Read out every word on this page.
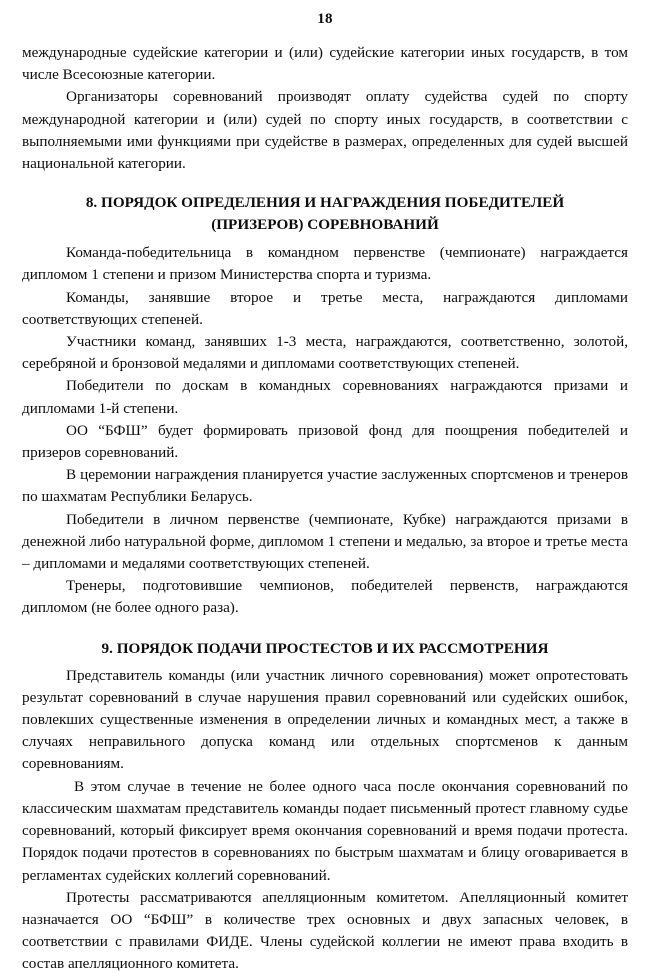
18

международные судейские категории и (или) судейские категории иных государств, в том числе Всесоюзные категории.

Организаторы соревнований производят оплату судейства судей по спорту международной категории и (или) судей по спорту иных государств, в соответствии с выполняемыми ими функциями при судействе в размерах, определенных для судей высшей национальной категории.

8. ПОРЯДОК ОПРЕДЕЛЕНИЯ И НАГРАЖДЕНИЯ ПОБЕДИТЕЛЕЙ
(ПРИЗЕРОВ) СОРЕВНОВАНИЙ

Команда-победительница в командном первенстве (чемпионате) награждается дипломом 1 степени и призом Министерства спорта и туризма.

Команды, занявшие второе и третье места, награждаются дипломами соответствующих степеней.

Участники команд, занявших 1-3 места, награждаются, соответственно, золотой, серебряной и бронзовой медалями и дипломами соответствующих степеней.

Победители по доскам в командных соревнованиях награждаются призами и дипломами 1-й степени.

ОО “БФШ” будет формировать призовой фонд для поощрения победителей и призеров соревнований.

В церемонии награждения планируется участие заслуженных спортсменов и тренеров по шахматам Республики Беларусь.

Победители в личном первенстве (чемпионате, Кубке) награждаются призами в денежной либо натуральной форме, дипломом 1 степени и медалью, за второе и третье места – дипломами и медалями соответствующих степеней.

Тренеры, подготовившие чемпионов, победителей первенств, награждаются дипломом (не более одного раза).

9. ПОРЯДОК ПОДАЧИ ПРОСТЕСТОВ И ИХ РАССМОТРЕНИЯ

Представитель команды (или участник личного соревнования) может опротестовать результат соревнований в случае нарушения правил соревнований или судейских ошибок, повлекших существенные изменения в определении личных и командных мест, а также в случаях неправильного допуска команд или отдельных спортсменов к данным соревнованиям.

В этом случае в течение не более одного часа после окончания соревнований по классическим шахматам представитель команды подает письменный протест главному судье соревнований, который фиксирует время окончания соревнований и время подачи протеста. Порядок подачи протестов в соревнованиях по быстрым шахматам и блицу оговаривается в регламентах судейских коллегий соревнований.

Протесты рассматриваются апелляционным комитетом. Апелляционный комитет назначается ОО “БФШ” в количестве трех основных и двух запасных человек, в соответствии с правилами ФИДЕ. Члены судейской коллегии не имеют права входить в состав апелляционного комитета.
